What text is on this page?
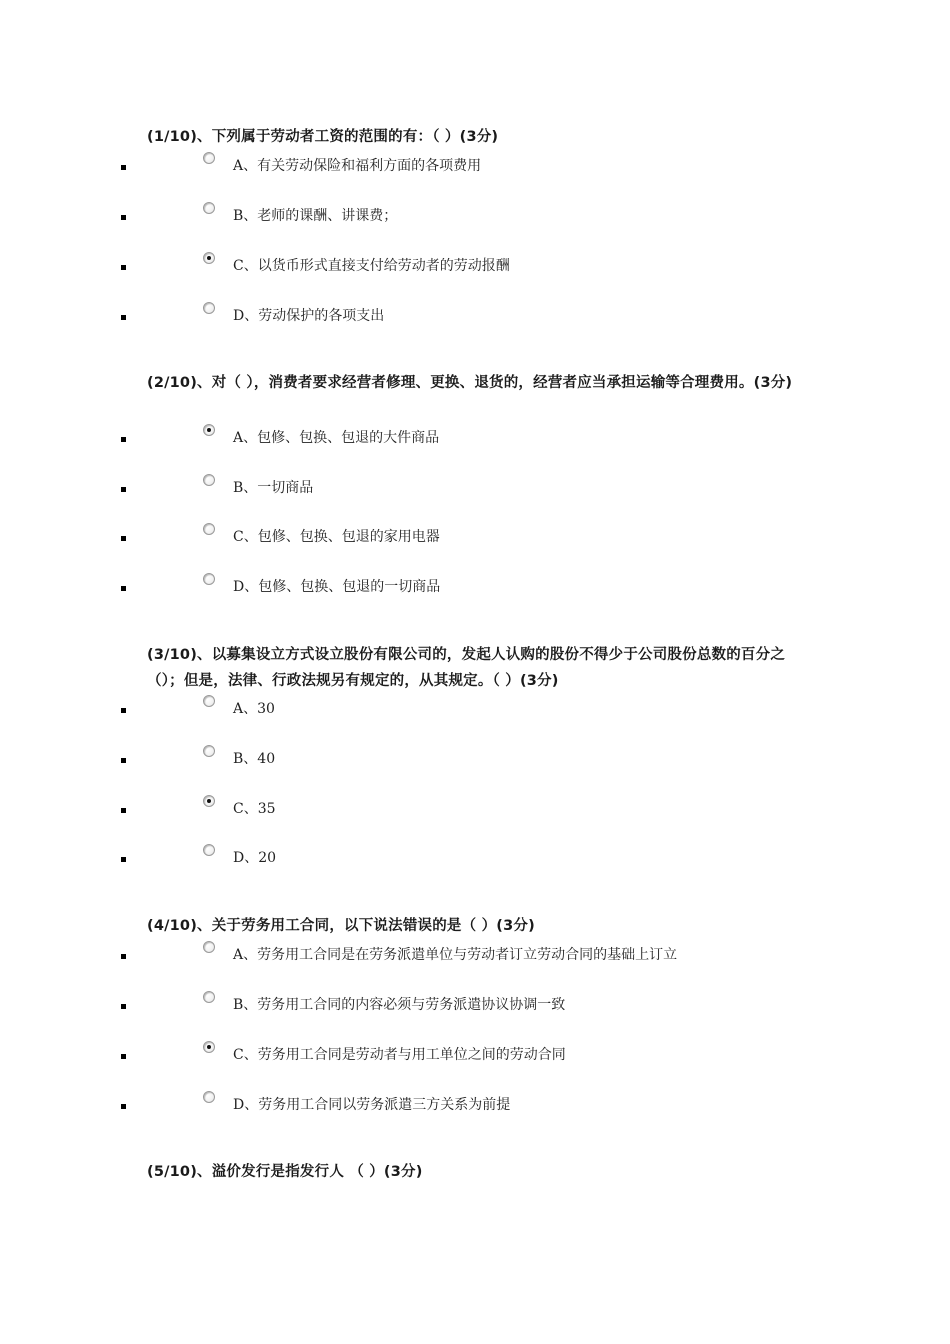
(1/10)、下列属于劳动者工资的范围的有：（ ）(3分)
A、有关劳动保险和福利方面的各项费用
B、老师的课酬、讲课费；
C、以货币形式直接支付给劳动者的劳动报酬
D、劳动保护的各项支出
(2/10)、对（ ），消费者要求经营者修理、更换、退货的，经营者应当承担运输等合理费用。(3分)
A、包修、包换、包退的大件商品
B、一切商品
C、包修、包换、包退的家用电器
D、包修、包换、包退的一切商品
(3/10)、以募集设立方式设立股份有限公司的，发起人认购的股份不得少于公司股份总数的百分之（）；但是，法律、行政法规另有规定的，从其规定。（ ）(3分)
A、30
B、40
C、35
D、20
(4/10)、关于劳务用工合同，以下说法错误的是（ ）(3分)
A、劳务用工合同是在劳务派遣单位与劳动者订立劳动合同的基础上订立
B、劳务用工合同的内容必须与劳务派遣协议协调一致
C、劳务用工合同是劳动者与用工单位之间的劳动合同
D、劳务用工合同以劳务派遣三方关系为前提
(5/10)、溢价发行是指发行人 （ ）(3分)
